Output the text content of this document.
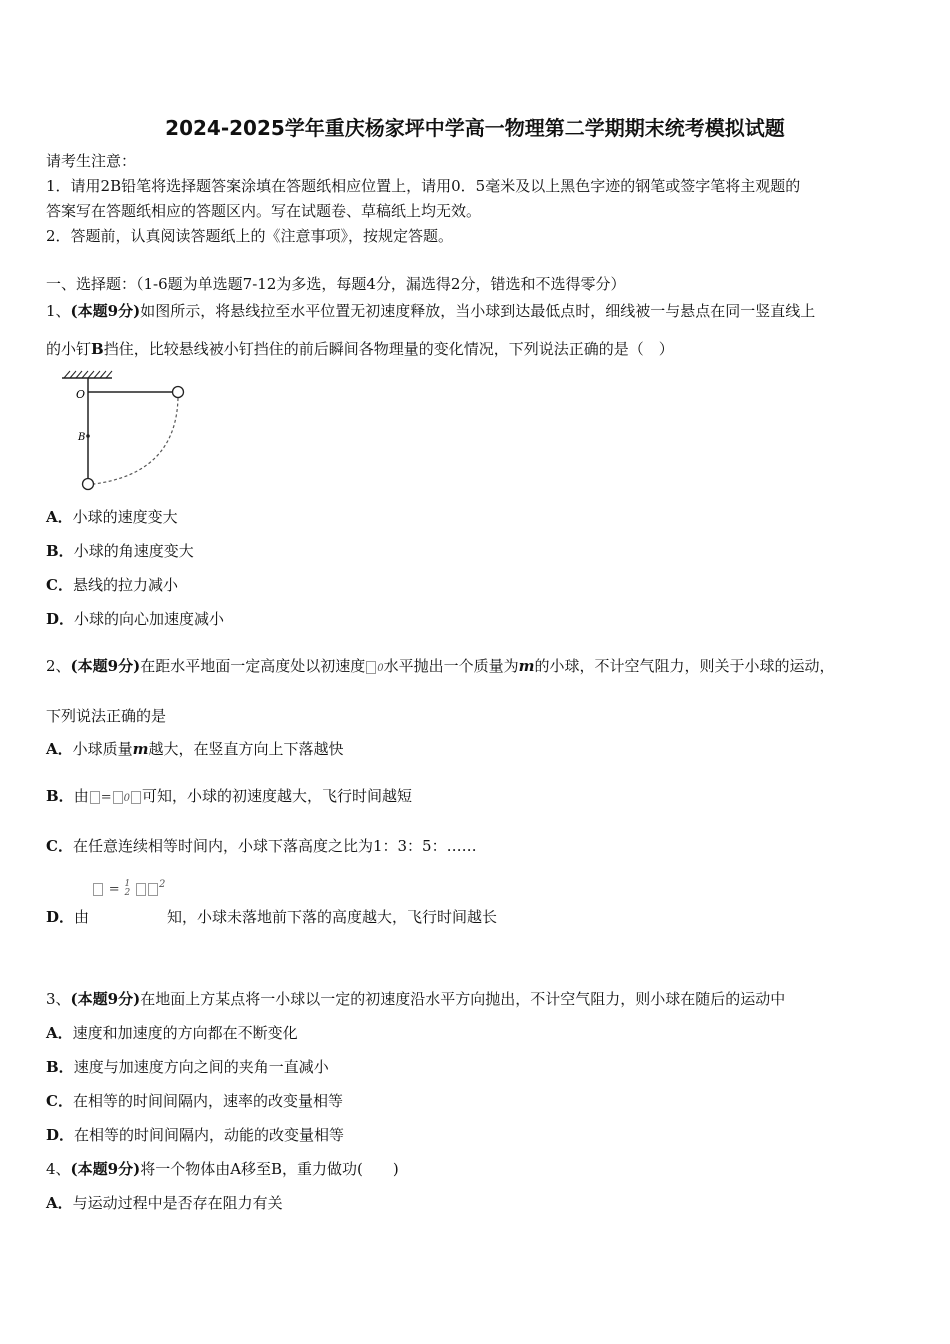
2024-2025学年重庆杨家坪中学高一物理第二学期期末统考模拟试题
请考生注意：
1．请用2B铅笔将选择题答案涂填在答题纸相应位置上，请用0．5毫米及以上黑色字迹的钢笔或签字笔将主观题的
答案写在答题纸相应的答题区内。写在试题卷、草稿纸上均无效。
2．答题前，认真阅读答题纸上的《注意事项》，按规定答题。
一、选择题：（1-6题为单选题7-12为多选，每题4分，漏选得2分，错选和不选得零分）
1、(本题9分)如图所示，将悬线拉至水平位置无初速度释放，当小球到达最低点时，细线被一与悬点在同一竖直线上
的小钉B挡住，比较悬线被小钉挡住的前后瞬间各物理量的变化情况，下列说法正确的是（　）
O
B
A．小球的速度变大
B．小球的角速度变大
C．悬线的拉力减小
D．小球的向心加速度减小
2、(本题9分)在距水平地面一定高度处以初速度 0水平抛出一个质量为m的小球，不计空气阻力，则关于小球的运动，
下列说法正确的是
A．小球质量m越大，在竖直方向上下落越快
B．由 = 0 可知，小球的初速度越大，飞行时间越短
C．在任意连续相等时间内，小球下落高度之比为1：3：5：……
= 1
2 $^2$
D．由	知，小球未落地前下落的高度越大，飞行时间越长
3、(本题9分)在地面上方某点将一小球以一定的初速度沿水平方向抛出，不计空气阻力，则小球在随后的运动中
A．速度和加速度的方向都在不断变化
B．速度与加速度方向之间的夹角一直减小
C．在相等的时间间隔内，速率的改变量相等
D．在相等的时间间隔内，动能的改变量相等
4、(本题9分)将一个物体由A移至B，重力做功(　　)
A．与运动过程中是否存在阻力有关
